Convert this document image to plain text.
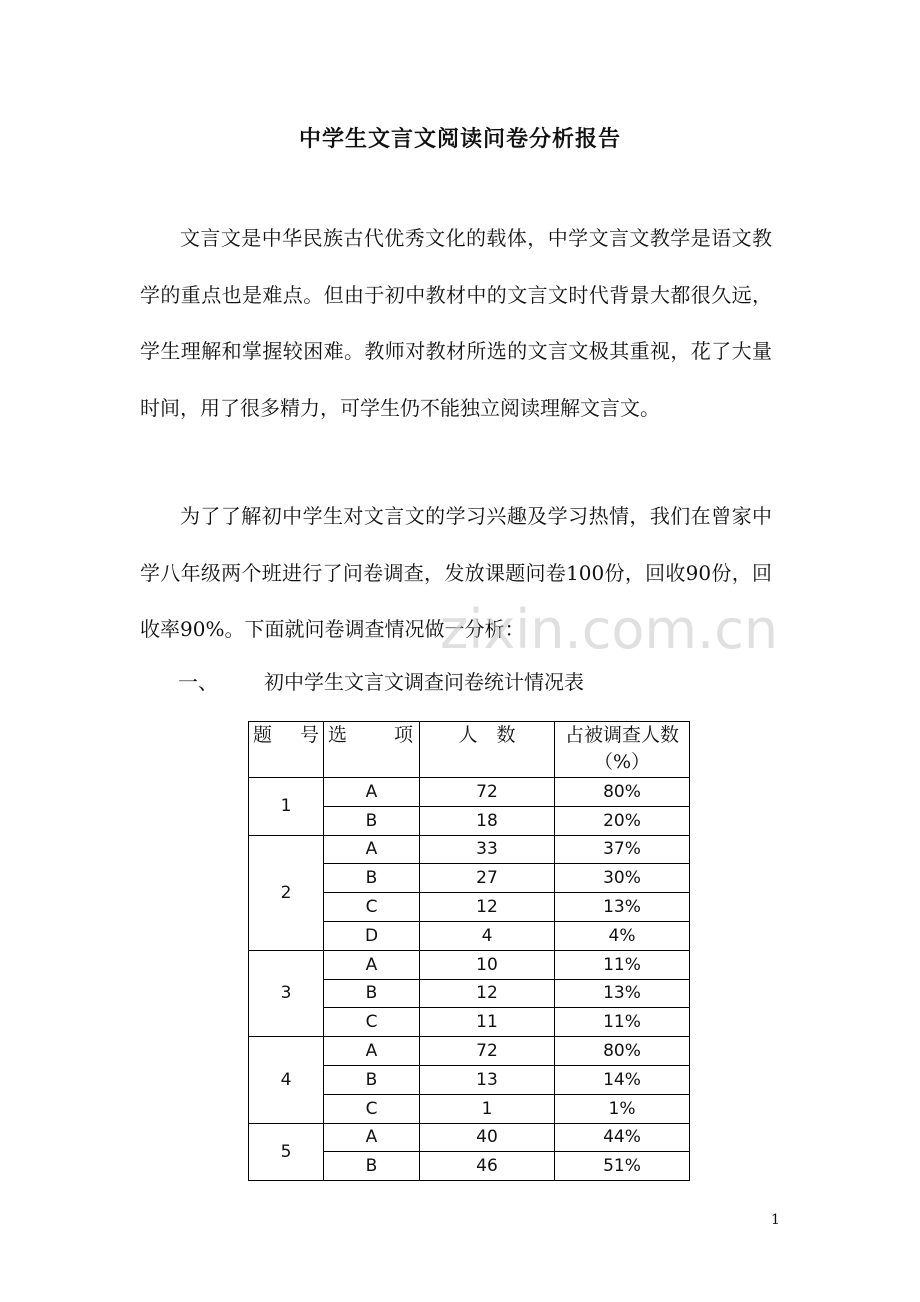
中学生文言文阅读问卷分析报告

文言文是中华民族古代优秀文化的载体，中学文言文教学是语文教学的重点也是难点。但由于初中教材中的文言文时代背景大都很久远，学生理解和掌握较困难。教师对教材所选的文言文极其重视，花了大量时间，用了很多精力，可学生仍不能独立阅读理解文言文。

为了了解初中学生对文言文的学习兴趣及学习热情，我们在曾家中学八年级两个班进行了问卷调查，发放课题问卷100份，回收90份，回收率90%。下面就问卷调查情况做一分析：

一、 初中学生文言文调查问卷统计情况表
题　号	选　项	人　数	占被调查人数（%）
1	A	72	80%
	B	18	20%
2	A	33	37%
	B	27	30%
	C	12	13%
	D	4	4%
3	A	10	11%
	B	12	13%
	C	11	11%
4	A	72	80%
	B	13	14%
	C	1	1%
5	A	40	44%
	B	46	51%
zixin.com.cn
1
